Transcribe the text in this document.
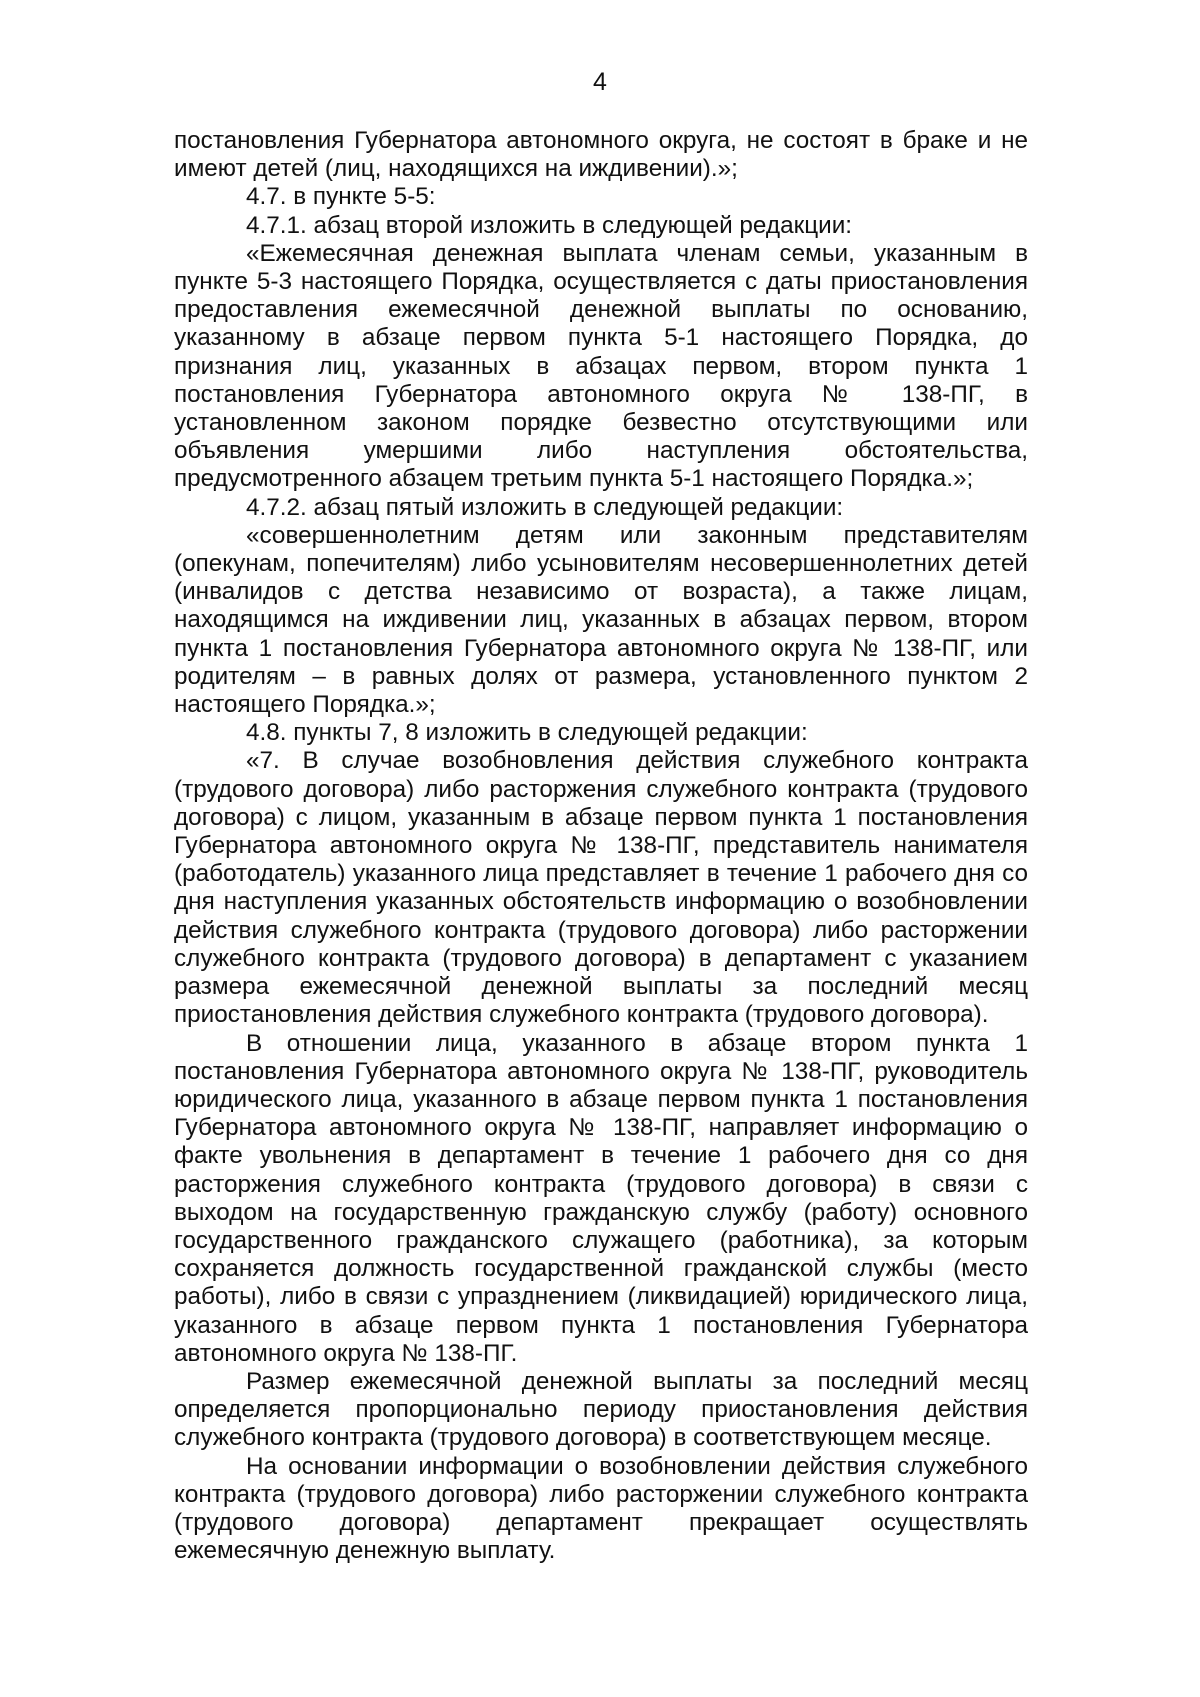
4

постановления Губернатора автономного округа, не состоят в браке и не имеют детей (лиц, находящихся на иждивении).»;

4.7. в пункте 5-5:

4.7.1. абзац второй изложить в следующей редакции:

«Ежемесячная денежная выплата членам семьи, указанным в пункте 5-3 настоящего Порядка, осуществляется с даты приостановления предоставления ежемесячной денежной выплаты по основанию, указанному в абзаце первом пункта 5-1 настоящего Порядка, до признания лиц, указанных в абзацах первом, втором пункта 1 постановления Губернатора автономного округа № 138-ПГ, в установленном законом порядке безвестно отсутствующими или объявления умершими либо наступления обстоятельства, предусмотренного абзацем третьим пункта 5-1 настоящего Порядка.»;

4.7.2. абзац пятый изложить в следующей редакции:

«совершеннолетним детям или законным представителям (опекунам, попечителям) либо усыновителям несовершеннолетних детей (инвалидов с детства независимо от возраста), а также лицам, находящимся на иждивении лиц, указанных в абзацах первом, втором пункта 1 постановления Губернатора автономного округа № 138-ПГ, или родителям – в равных долях от размера, установленного пунктом 2 настоящего Порядка.»;

4.8. пункты 7, 8 изложить в следующей редакции:

«7. В случае возобновления действия служебного контракта (трудового договора) либо расторжения служебного контракта (трудового договора) с лицом, указанным в абзаце первом пункта 1 постановления Губернатора автономного округа № 138-ПГ, представитель нанимателя (работодатель) указанного лица представляет в течение 1 рабочего дня со дня наступления указанных обстоятельств информацию о возобновлении действия служебного контракта (трудового договора) либо расторжении служебного контракта (трудового договора) в департамент с указанием размера ежемесячной денежной выплаты за последний месяц приостановления действия служебного контракта (трудового договора).

В отношении лица, указанного в абзаце втором пункта 1 постановления Губернатора автономного округа № 138-ПГ, руководитель юридического лица, указанного в абзаце первом пункта 1 постановления Губернатора автономного округа № 138-ПГ, направляет информацию о факте увольнения в департамент в течение 1 рабочего дня со дня расторжения служебного контракта (трудового договора) в связи с выходом на государственную гражданскую службу (работу) основного государственного гражданского служащего (работника), за которым сохраняется должность государственной гражданской службы (место работы), либо в связи с упразднением (ликвидацией) юридического лица, указанного в абзаце первом пункта 1 постановления Губернатора автономного округа № 138-ПГ.

Размер ежемесячной денежной выплаты за последний месяц определяется пропорционально периоду приостановления действия служебного контракта (трудового договора) в соответствующем месяце.

На основании информации о возобновлении действия служебного контракта (трудового договора) либо расторжении служебного контракта (трудового договора) департамент прекращает осуществлять ежемесячную денежную выплату.
